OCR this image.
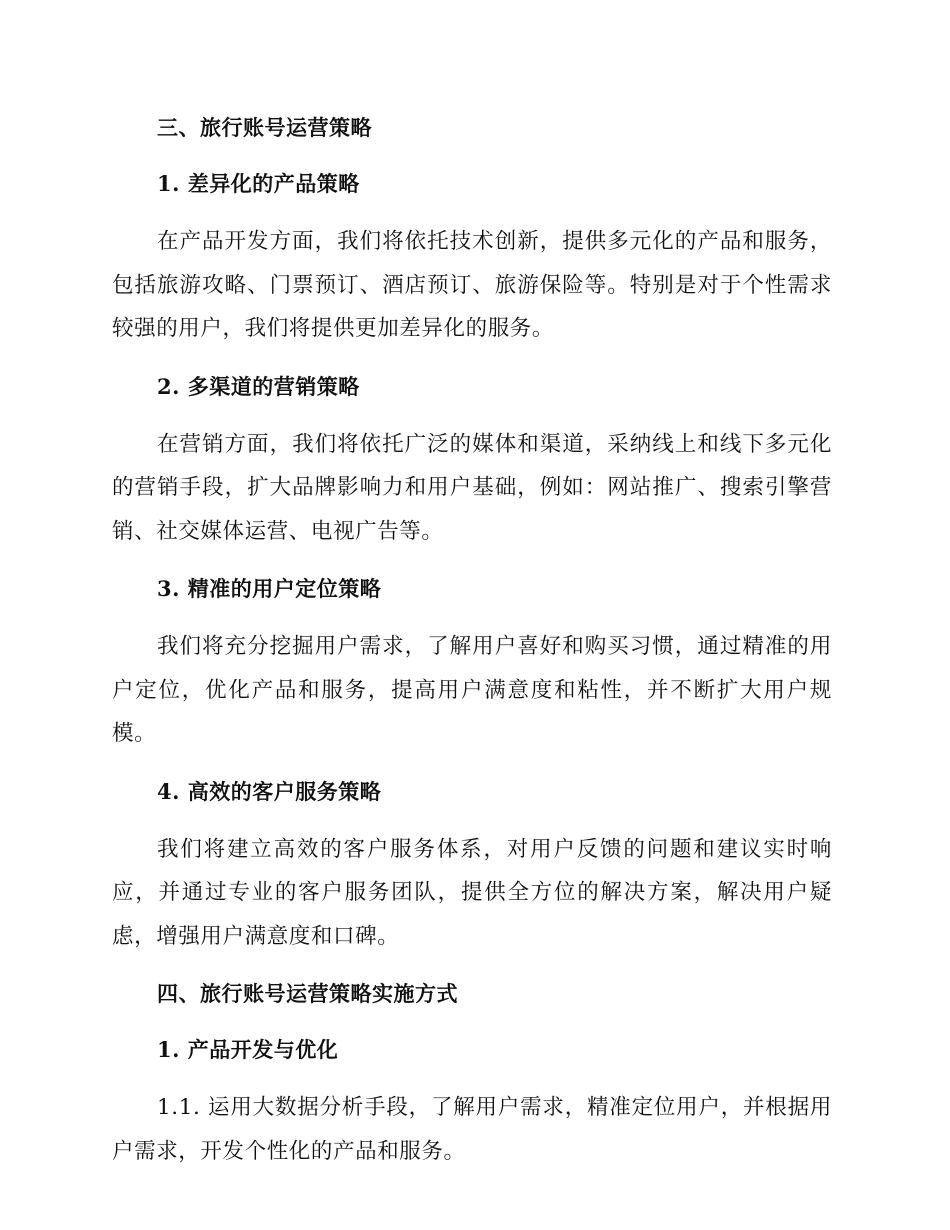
三、旅行账号运营策略
1. 差异化的产品策略

在产品开发方面，我们将依托技术创新，提供多元化的产品和服务，包括旅游攻略、门票预订、酒店预订、旅游保险等。特别是对于个性需求较强的用户，我们将提供更加差异化的服务。

2. 多渠道的营销策略

在营销方面，我们将依托广泛的媒体和渠道，采纳线上和线下多元化的营销手段，扩大品牌影响力和用户基础，例如：网站推广、搜索引擎营销、社交媒体运营、电视广告等。

3. 精准的用户定位策略

我们将充分挖掘用户需求，了解用户喜好和购买习惯，通过精准的用户定位，优化产品和服务，提高用户满意度和粘性，并不断扩大用户规模。

4. 高效的客户服务策略

我们将建立高效的客户服务体系，对用户反馈的问题和建议实时响应，并通过专业的客户服务团队，提供全方位的解决方案，解决用户疑虑，增强用户满意度和口碑。

四、旅行账号运营策略实施方式
1. 产品开发与优化

1.1. 运用大数据分析手段，了解用户需求，精准定位用户，并根据用户需求，开发个性化的产品和服务。
